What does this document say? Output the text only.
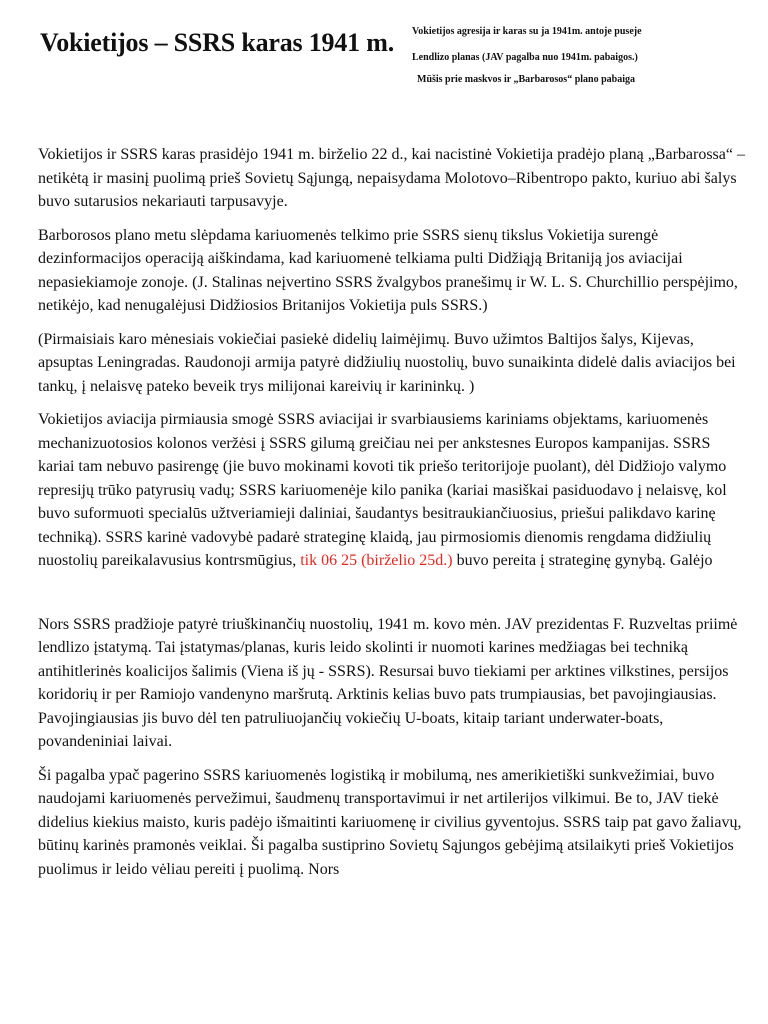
Vokietijos – SSRS karas 1941 m. Vokietijos agresija ir karas su ja 1941m. antoje puseje
Lendlizo planas (JAV pagalba nuo 1941m. pabaigos.)
Mūšis prie maskvos ir „Barbarosos“ plano pabaiga

Vokietijos ir SSRS karas prasidėjo 1941 m. birželio 22 d., kai nacistinė Vokietija pradėjo planą „Barbarossa“ – netikėtą ir masinį puolimą prieš Sovietų Sąjungą, nepaisydama Molotovo–Ribentropo pakto, kuriuo abi šalys buvo sutarusios nekariauti tarpusavyje.

Barborosos plano metu slėpdama kariuomenės telkimo prie SSRS sienų tikslus Vokietija surengė dezinformacijos operaciją aiškindama, kad kariuomenė telkiama pulti Didžiąją Britaniją jos aviacijai nepasiekiamoje zonoje. (J. Stalinas neįvertino SSRS žvalgybos pranešimų ir W. L. S. Churchillio perspėjimo, netikėjo, kad nenugalėjusi Didžiosios Britanijos Vokietija puls SSRS.)

(Pirmaisiais karo mėnesiais vokiečiai pasiekė didelių laimėjimų. Buvo užimtos Baltijos šalys, Kijevas, apsuptas Leningradas. Raudonoji armija patyrė didžiulių nuostolių, buvo sunaikinta didelė dalis aviacijos bei tankų, į nelaisvę pateko beveik trys milijonai kareivių ir karininkų. )

Vokietijos aviacija pirmiausia smogė SSRS aviacijai ir svarbiausiems kariniams objektams, kariuomenės mechanizuotosios kolonos veržėsi į SSRS gilumą greičiau nei per ankstesnes Europos kampanijas. SSRS kariai tam nebuvo pasirengę (jie buvo mokinami kovoti tik priešo teritorijoje puolant), dėl Didžiojo valymo represijų trūko patyrusių vadų; SSRS kariuomenėje kilo panika (kariai masiškai pasiduodavo į nelaisvę, kol buvo suformuoti specialūs užtveriamieji daliniai, šaudantys besitraukiančiuosius, priešui palikdavo karinę techniką). SSRS karinė vadovybė padarė strateginę klaidą, jau pirmosiomis dienomis rengdama didžiulių nuostolių pareikalavusius kontrsmūgius, tik 06 25 (birželio 25d.) buvo pereita į strateginę gynybą. Galėjo

Nors SSRS pradžioje patyrė triuškinančių nuostolių, 1941 m. kovo mėn. JAV prezidentas F. Ruzveltas priimė lendlizo įstatymą. Tai įstatymas/planas, kuris leido skolinti ir nuomoti karines medžiagas bei techniką antihitlerinės koalicijos šalimis (Viena iš jų - SSRS). Resursai buvo tiekiami per arktines vilkstines, persijos koridorių ir per Ramiojo vandenyno maršrutą. Arktinis kelias buvo pats trumpiausias, bet pavojingiausias. Pavojingiausias jis buvo dėl ten patruliuojančių vokiečių U-boats, kitaip tariant underwater-boats, povandeniniai laivai.

Ši pagalba ypač pagerino SSRS kariuomenės logistiką ir mobilumą, nes amerikietiški sunkvežimiai, buvo naudojami kariuomenės pervežimui, šaudmenų transportavimui ir net artilerijos vilkimui. Be to, JAV tiekė didelius kiekius maisto, kuris padėjo išmaitinti kariuomenę ir civilius gyventojus. SSRS taip pat gavo žaliavų, būtinų karinės pramonės veiklai. Ši pagalba sustiprino Sovietų Sąjungos gebėjimą atsilaikyti prieš Vokietijos puolimus ir leido vėliau pereiti į puolimą. Nors
